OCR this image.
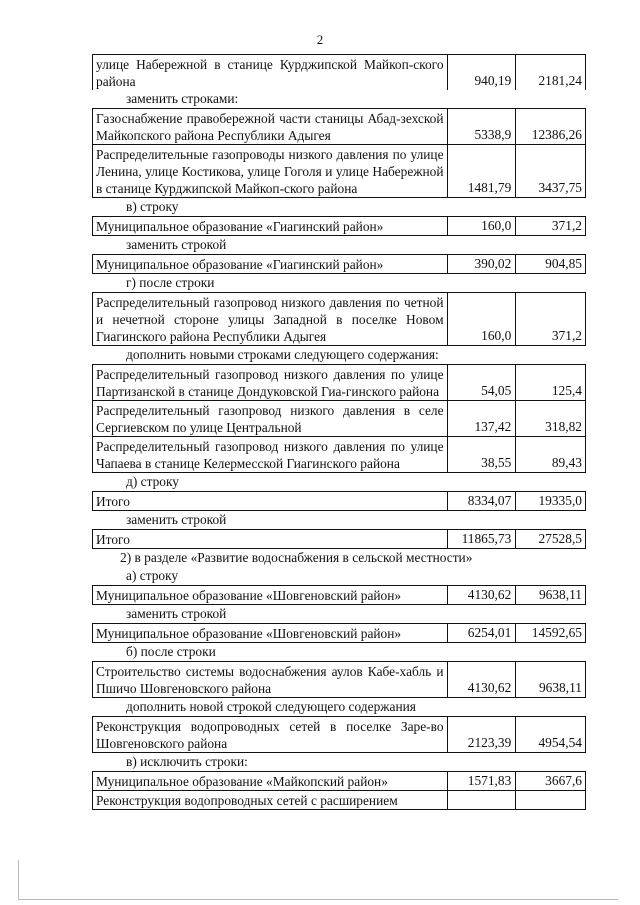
2
улице Набережной в станице Курджипской Майкоп-ского района	940,19	2181,24
заменить строками:
Газоснабжение правобережной части станицы Абад-зехской Майкопского района Республики Адыгея	5338,9	12386,26
Распределительные газопроводы низкого давления по улице Ленина, улице Костикова, улице Гоголя и улице Набережной в станице Курджипской Майкоп-ского района	1481,79	3437,75
в) строку
Муниципальное образование «Гиагинский район»	160,0	371,2
заменить строкой
Муниципальное образование «Гиагинский район»	390,02	904,85
г) после строки
Распределительный газопровод низкого давления по четной и нечетной стороне улицы Западной в поселке Новом Гиагинского района Республики Адыгея	160,0	371,2
дополнить новыми строками следующего содержания:
Распределительный газопровод низкого давления по улице Партизанской в станице Дондуковской Гиа-гинского района	54,05	125,4
Распределительный газопровод низкого давления в селе Сергиевском по улице Центральной	137,42	318,82
Распределительный газопровод низкого давления по улице Чапаева в станице Келермесской Гиагинского района	38,55	89,43
д) строку
Итого	8334,07	19335,0
заменить строкой
Итого	11865,73	27528,5
2) в разделе «Развитие водоснабжения в сельской местности»
а) строку
Муниципальное образование «Шовгеновский район»	4130,62	9638,11
заменить строкой
Муниципальное образование «Шовгеновский район»	6254,01	14592,65
б) после строки
Строительство системы водоснабжения аулов Кабе-хабль и Пшичо Шовгеновского района	4130,62	9638,11
дополнить новой строкой следующего содержания
Реконструкция водопроводных сетей в поселке Заре-во Шовгеновского района	2123,39	4954,54
в) исключить строки:
Муниципальное образование «Майкопский район»	1571,83	3667,6
Реконструкция водопроводных сетей с расширением
